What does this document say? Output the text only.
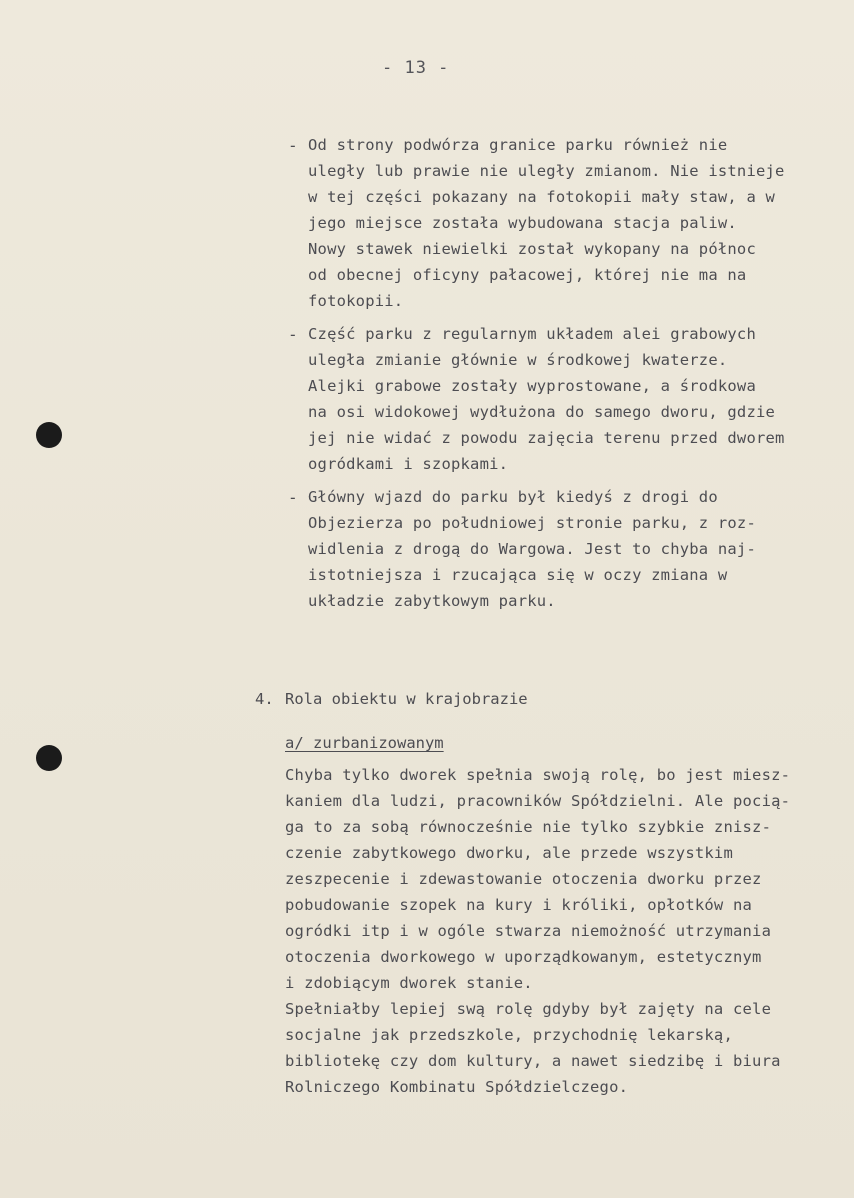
- 13 -
- Od strony podwórza granice parku również nie
uległy lub prawie nie uległy zmianom. Nie istnieje
w tej części pokazany na fotokopii mały staw, a w
jego miejsce została wybudowana stacja paliw.
Nowy stawek niewielki został wykopany na północ
od obecnej oficyny pałacowej, której nie ma na
fotokopii.
- Część parku z regularnym układem alei grabowych
uległa zmianie głównie w środkowej kwaterze.
Alejki grabowe zostały wyprostowane, a środkowa
na osi widokowej wydłużona do samego dworu, gdzie
jej nie widać z powodu zajęcia terenu przed dworem
ogródkami i szopkami.
- Główny wjazd do parku był kiedyś z drogi do
Objezierza po południowej stronie parku, z roz-
widlenia z drogą do Wargowa. Jest to chyba naj-
istotniejsza i rzucająca się w oczy zmiana w
układzie zabytkowym parku.
4. Rola obiektu w krajobrazie
a/ zurbanizowanym
Chyba tylko dworek spełnia swoją rolę, bo jest miesz-
kaniem dla ludzi, pracowników Spółdzielni. Ale pocią-
ga to za sobą równocześnie nie tylko szybkie znisz-
czenie zabytkowego dworku, ale przede wszystkim
zeszpecenie i zdewastowanie otoczenia dworku przez
pobudowanie szopek na kury i króliki, opłotków na
ogródki itp i w ogóle stwarza niemożność utrzymania
otoczenia dworkowego w uporządkowanym, estetycznym
i zdobiącym dworek stanie.
Spełniałby lepiej swą rolę gdyby był zajęty na cele
socjalne jak przedszkole, przychodnię lekarską,
bibliotekę czy dom kultury, a nawet siedzibę i biura
Rolniczego Kombinatu Spółdzielczego.
